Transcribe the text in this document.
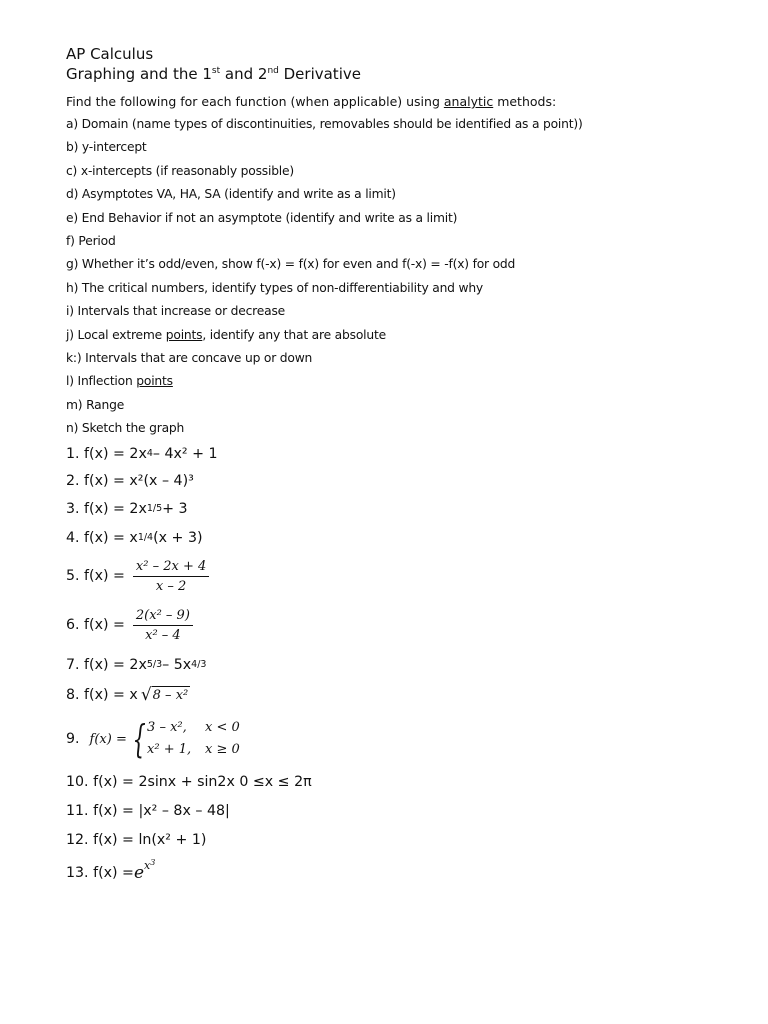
AP Calculus
Graphing and the 1st and 2nd Derivative
Find the following for each function (when applicable) using analytic methods:
a) Domain (name types of discontinuities, removables should be identified as a point))
b) y-intercept
c) x-intercepts (if reasonably possible)
d) Asymptotes VA, HA, SA (identify and write as a limit)
e) End Behavior if not an asymptote (identify and write as a limit)
f) Period
g) Whether it’s odd/even, show f(-x) = f(x) for even and f(-x) = -f(x) for odd
h) The critical numbers, identify types of non-differentiability and why
i) Intervals that increase or decrease
j) Local extreme points, identify any that are absolute
k:) Intervals that are concave up or down
l) Inflection points
m) Range
n) Sketch the graph
1. f(x) = 2x 4 – 4x² + 1
2. f(x) = x²(x – 4)³
3. f(x) = 2x 1/5 + 3
4. f(x) = x 1/4 (x + 3)
5. $f(x) = \frac{\text{x² – 2x + 4}}{x - 2}$
6. $f(x) = \frac{\text{2(x² – 9)}}{\text{x² – 4}}$
7. f(x) = 2x 5/3 – 5x 4/3
8. f(x) = x √ 8 – x²
9. f(x) = { 3 – x²,	x < 0
x² + 1,	x ≥ 0
10. f(x) = 2sinx + sin2x 0 ≤x ≤ 2π
11. f(x) = |x² – 8x – 48|
12. f(x) = ln(x² + 1)
13. $f(x) = e^{x^3}$
